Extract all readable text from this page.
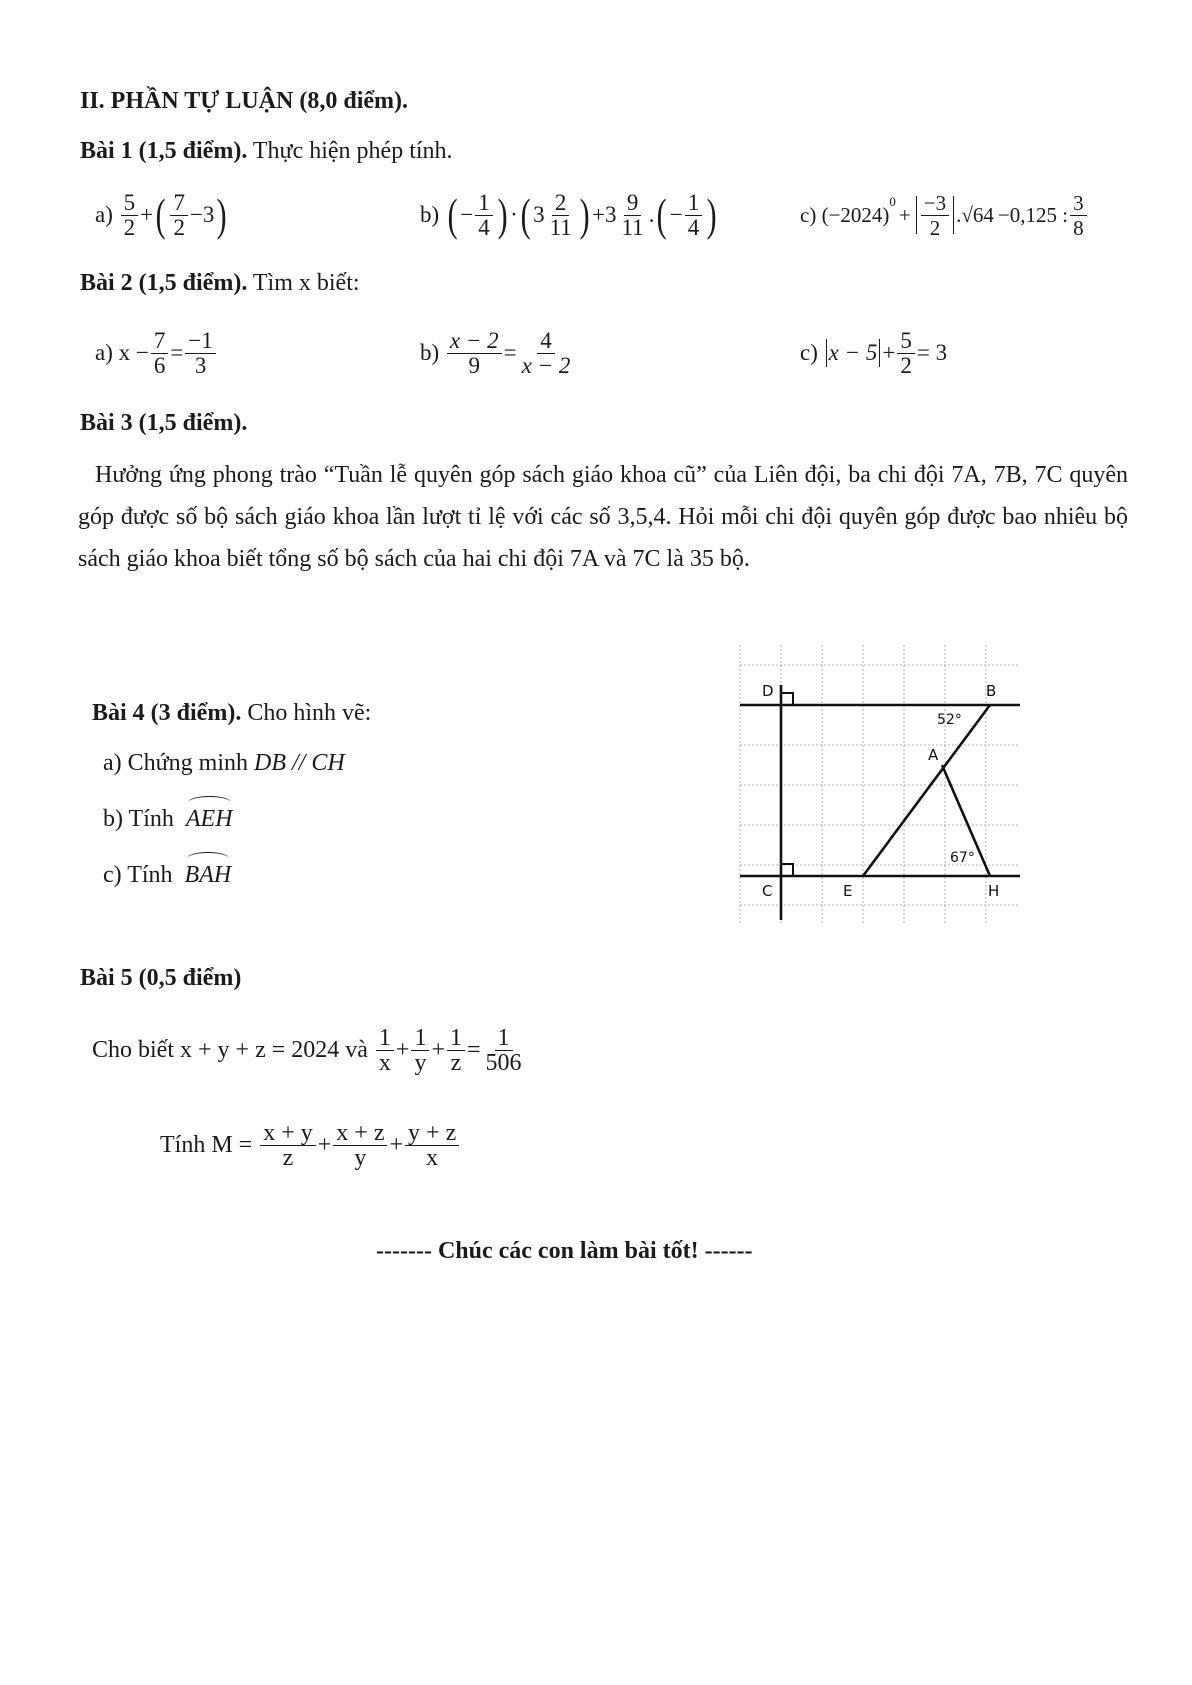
II. PHẦN TỰ LUẬN (8,0 điểm).
Bài 1 (1,5 điểm). Thực hiện phép tính.
a)
$\frac{5}{2}$ + ( $\frac{7}{2} -3$ )	b)
( − $\frac{1}{4}$ ) · ( $3 \frac{2}{11}$ ) $+3 \frac{9}{11}$ . ( − $\frac{1}{4}$ )	c)
(−2024)
$^0$
+ $\frac{-3}{2} .√64 -0,125$ : $\frac{3}{8}$
Bài 2 (1,5 điểm). Tìm x biết:
a)
$x - \frac{7}{6} = \frac{-1}{3}$	b)
$\frac{x - 2}{9} = \frac{4}{x - 2}$	c)
$x - 5 + \frac{5}{2} = 3$
Bài 3 (1,5 điểm).
Hưởng ứng phong trào “Tuần lễ quyên góp sách giáo khoa cũ” của Liên đội, ba chi đội 7A, 7B, 7C quyên góp được số bộ sách giáo khoa lần lượt tỉ lệ với các số 3,5,4. Hỏi mỗi chi đội quyên góp được bao nhiêu bộ sách giáo khoa biết tổng số bộ sách của hai chi đội 7A và 7C là 35 bộ.
Bài 4 (3 điểm). Cho hình vẽ:
a) Chứng minh DB // CH
b) Tính  AEH
c) Tính  BAH
D	B
A
C	E	H
52°
67°
Bài 5 (0,5 điểm)
Cho biết x + y + z = 2024 và
$\frac{1}{x} + \frac{1}{y} + \frac{1}{z} = \frac{1}{506}$
Tính M =
$\frac{x + y}{z} + \frac{x + z}{y} + \frac{y + z}{x}$
------- Chúc các con làm bài tốt! ------
